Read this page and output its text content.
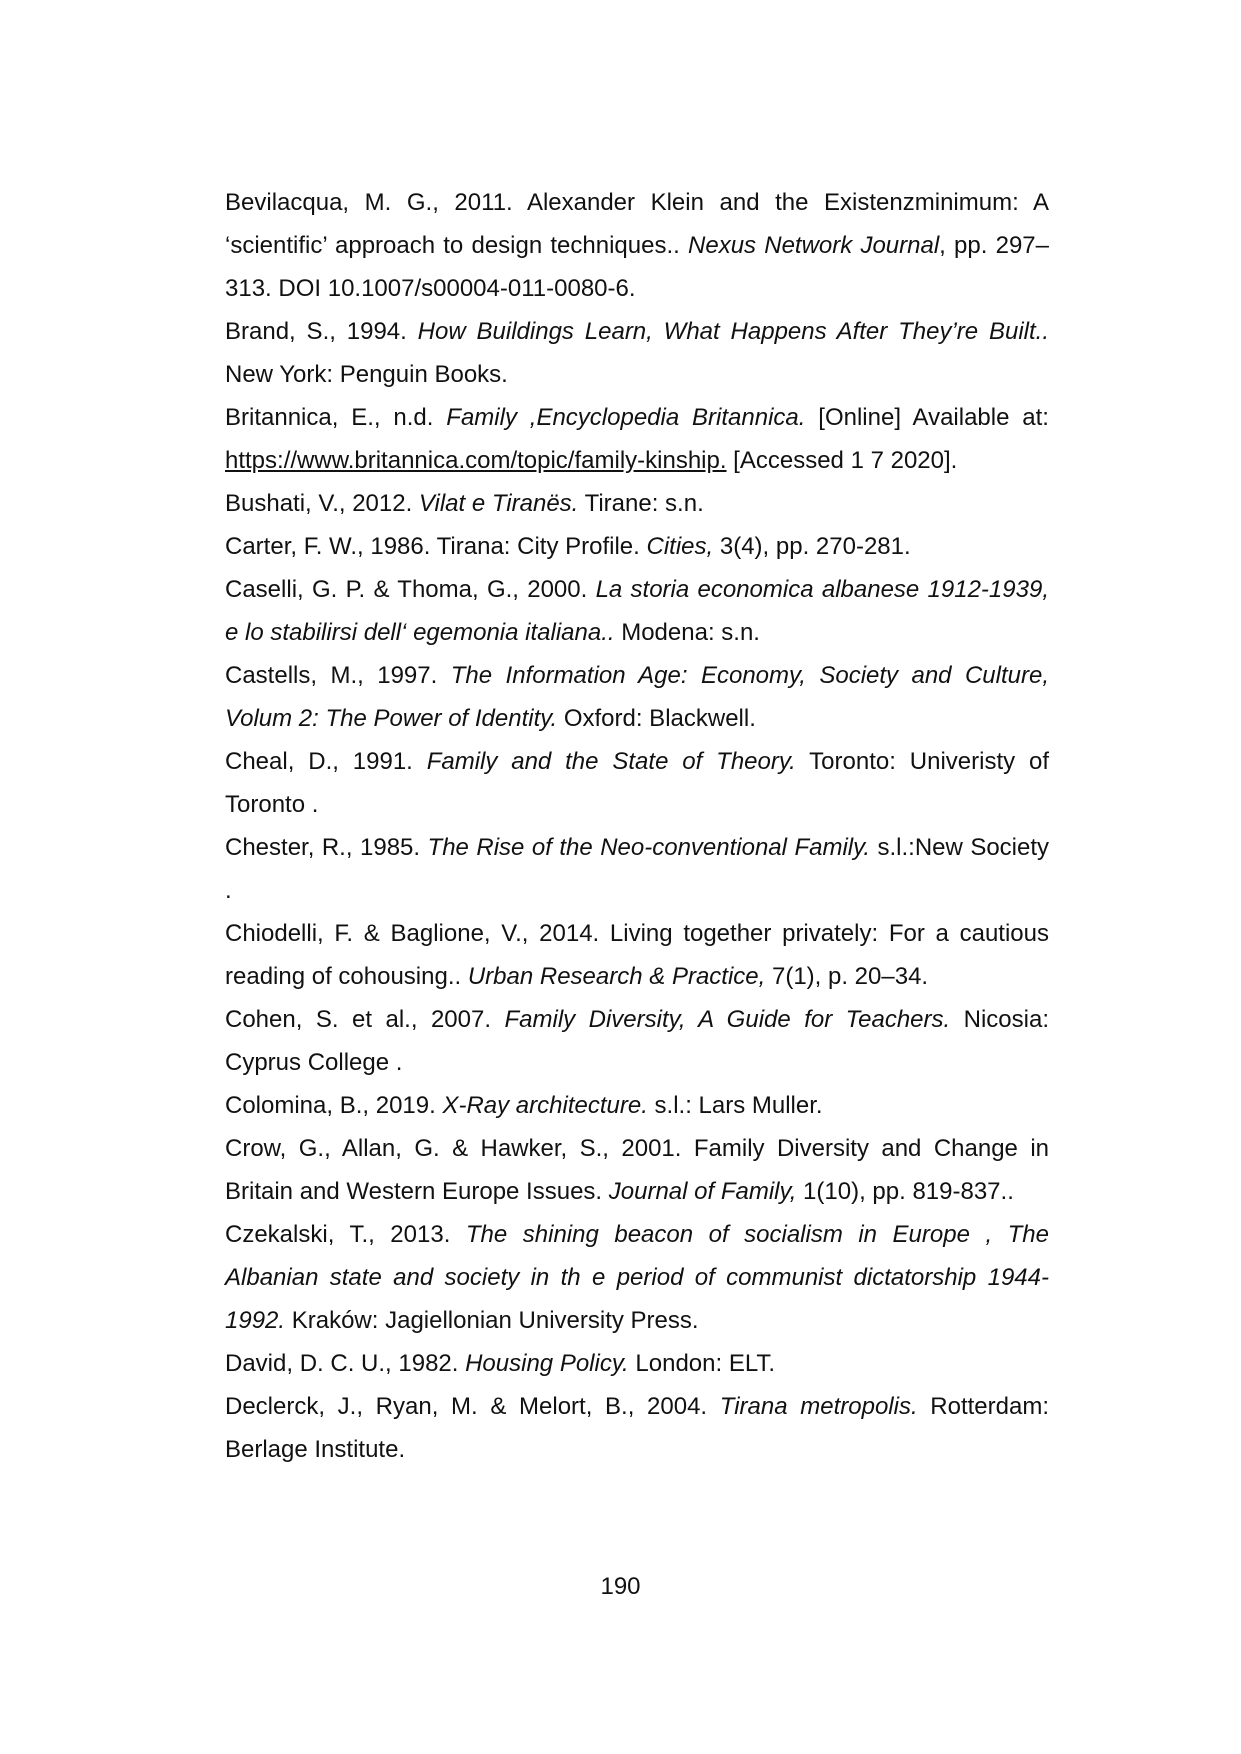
Bevilacqua, M. G., 2011. Alexander Klein and the Existenzminimum: A ‘scientific’ approach to design techniques.. Nexus Network Journal, pp. 297–313. DOI 10.1007/s00004-011-0080-6.

Brand, S., 1994. How Buildings Learn, What Happens After They’re Built.. New York: Penguin Books.

Britannica, E., n.d. Family ,Encyclopedia Britannica. [Online] Available at: https://www.britannica.com/topic/family-kinship. [Accessed 1 7 2020].

Bushati, V., 2012. Vilat e Tiranës. Tirane: s.n.

Carter, F. W., 1986. Tirana: City Profile. Cities, 3(4), pp. 270-281.

Caselli, G. P. & Thoma, G., 2000. La storia economica albanese 1912-1939, e lo stabilirsi dell‘ egemonia italiana.. Modena: s.n.

Castells, M., 1997. The Information Age: Economy, Society and Culture, Volum 2: The Power of Identity. Oxford: Blackwell.

Cheal, D., 1991. Family and the State of Theory. Toronto: Univeristy of Toronto .

Chester, R., 1985. The Rise of the Neo-conventional Family. s.l.:New Society .

Chiodelli, F. & Baglione, V., 2014. Living together privately: For a cautious reading of cohousing.. Urban Research & Practice, 7(1), p. 20–34.

Cohen, S. et al., 2007. Family Diversity, A Guide for Teachers. Nicosia: Cyprus College .

Colomina, B., 2019. X-Ray architecture. s.l.: Lars Muller.

Crow, G., Allan, G. & Hawker, S., 2001. Family Diversity and Change in Britain and Western Europe Issues. Journal of Family, 1(10), pp. 819-837..

Czekalski, T., 2013. The shining beacon of socialism in Europe , The Albanian state and society in th e period of communist dictatorship 1944-1992. Kraków: Jagiellonian University Press.

David, D. C. U., 1982. Housing Policy. London: ELT.

Declerck, J., Ryan, M. & Melort, B., 2004. Tirana metropolis. Rotterdam: Berlage Institute.

190
